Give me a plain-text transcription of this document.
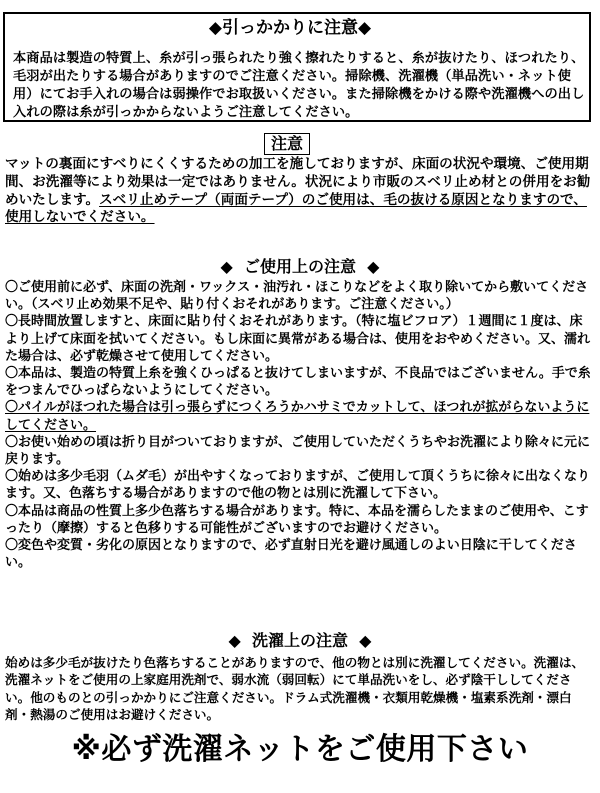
◆引っかかりに注意◆
本商品は製造の特質上、糸が引っ張られたり強く擦れたりすると、糸が抜けたり、ほつれたり、毛羽が出たりする場合がありますのでご注意ください。掃除機、洗濯機（単品洗い・ネット使用）にてお手入れの場合は弱操作でお取扱いください。また掃除機をかける際や洗濯機への出し入れの際は糸が引っかからないようご注意してください。
注意
マットの裏面にすべりにくくするための加工を施しておりますが、床面の状況や環境、ご使用期間、お洗濯等により効果は一定ではありません。状況により市販のスベリ止め材との併用をお勧めいたします。スベリ止めテープ（両面テープ）のご使用は、毛の抜ける原因となりますので、使用しないでください。
◆  ご使用上の注意  ◆
〇ご使用前に必ず、床面の洗剤・ワックス・油汚れ・ほこりなどをよく取り除いてから敷いてください。（スベリ止め効果不足や、貼り付くおそれがあります。ご注意ください。）
〇長時間放置しますと、床面に貼り付くおそれがあります。（特に塩ビフロア）１週間に１度は、床より上げて床面を拭いてください。もし床面に異常がある場合は、使用をおやめください。又、濡れた場合は、必ず乾燥させて使用してください。
〇本品は、製造の特質上糸を強くひっぱると抜けてしまいますが、不良品ではございません。手で糸をつまんでひっぱらないようにしてください。
〇パイルがほつれた場合は引っ張らずにつくろうかハサミでカットして、ほつれが拡がらないようにしてください。
〇お使い始めの頃は折り目がついておりますが、ご使用していただくうちやお洗濯により除々に元に戻ります。
〇始めは多少毛羽（ムダ毛）が出やすくなっておりますが、ご使用して頂くうちに徐々に出なくなります。又、色落ちする場合がありますので他の物とは別に洗濯して下さい。
〇本品は商品の性質上多少色落ちする場合があります。特に、本品を濡らしたままのご使用や、こすったり（摩擦）すると色移りする可能性がございますのでお避けください。
〇変色や変質・劣化の原因となりますので、必ず直射日光を避け風通しのよい日陰に干してください。
◆  洗濯上の注意  ◆
始めは多少毛が抜けたり色落ちすることがありますので、他の物とは別に洗濯してください。洗濯は、洗濯ネットをご使用の上家庭用洗剤で、弱水流（弱回転）にて単品洗いをし、必ず陰干ししてください。他のものとの引っかかりにご注意ください。ドラム式洗濯機・衣類用乾燥機・塩素系洗剤・漂白剤・熱湯のご使用はお避けください。
※必ず洗濯ネットをご使用下さい
